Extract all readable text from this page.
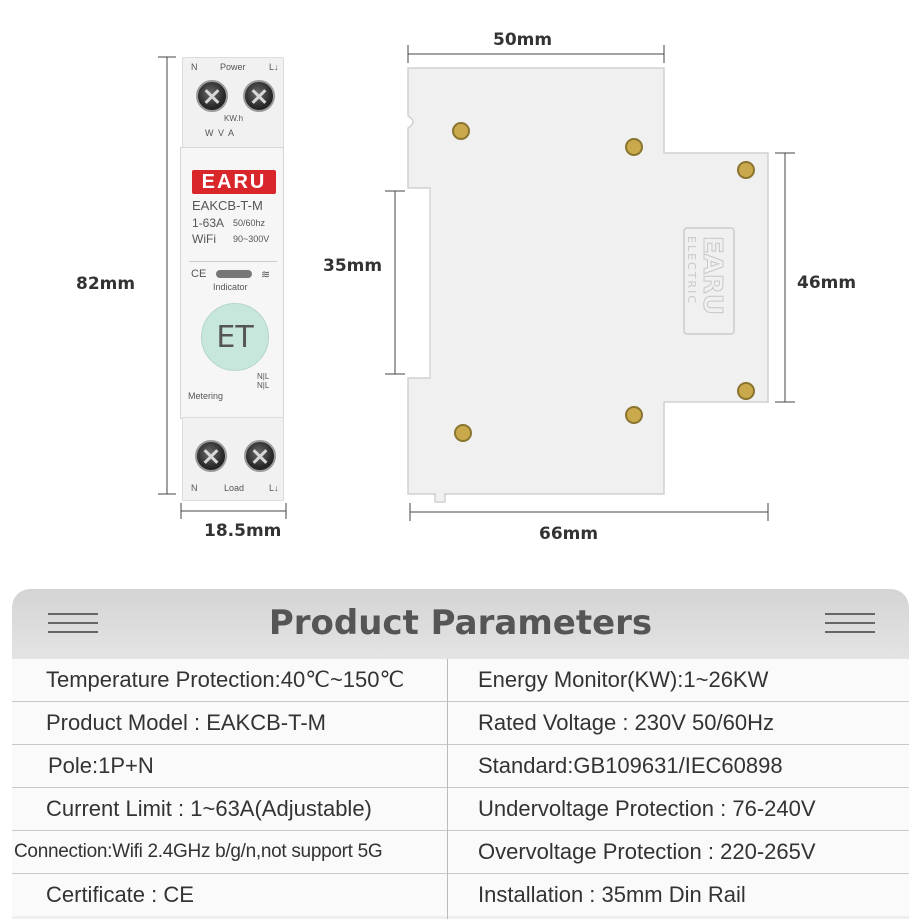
82mm
18.5mm
50mm
35mm
46mm
66mm
N	Power	L↓
KW.h
W V A
EARU
EAKCB-T-M
1-63A 50/60hz
WiFi 90~300V
CE	≋
Indicator
ET
Metering
N|L
N|L
N	Load	L↓
EARU
ELECTRIC
Product Parameters
Temperature Protection:40℃~150℃	Energy Monitor(KW):1~26KW
Product Model : EAKCB-T-M	Rated Voltage : 230V 50/60Hz
Pole:1P+N	Standard:GB109631/IEC60898
Current Limit : 1~63A(Adjustable)	Undervoltage Protection : 76-240V
Connection:Wifi 2.4GHz b/g/n,not support 5G	Overvoltage Protection : 220-265V
Certificate : CE	Installation : 35mm Din Rail
